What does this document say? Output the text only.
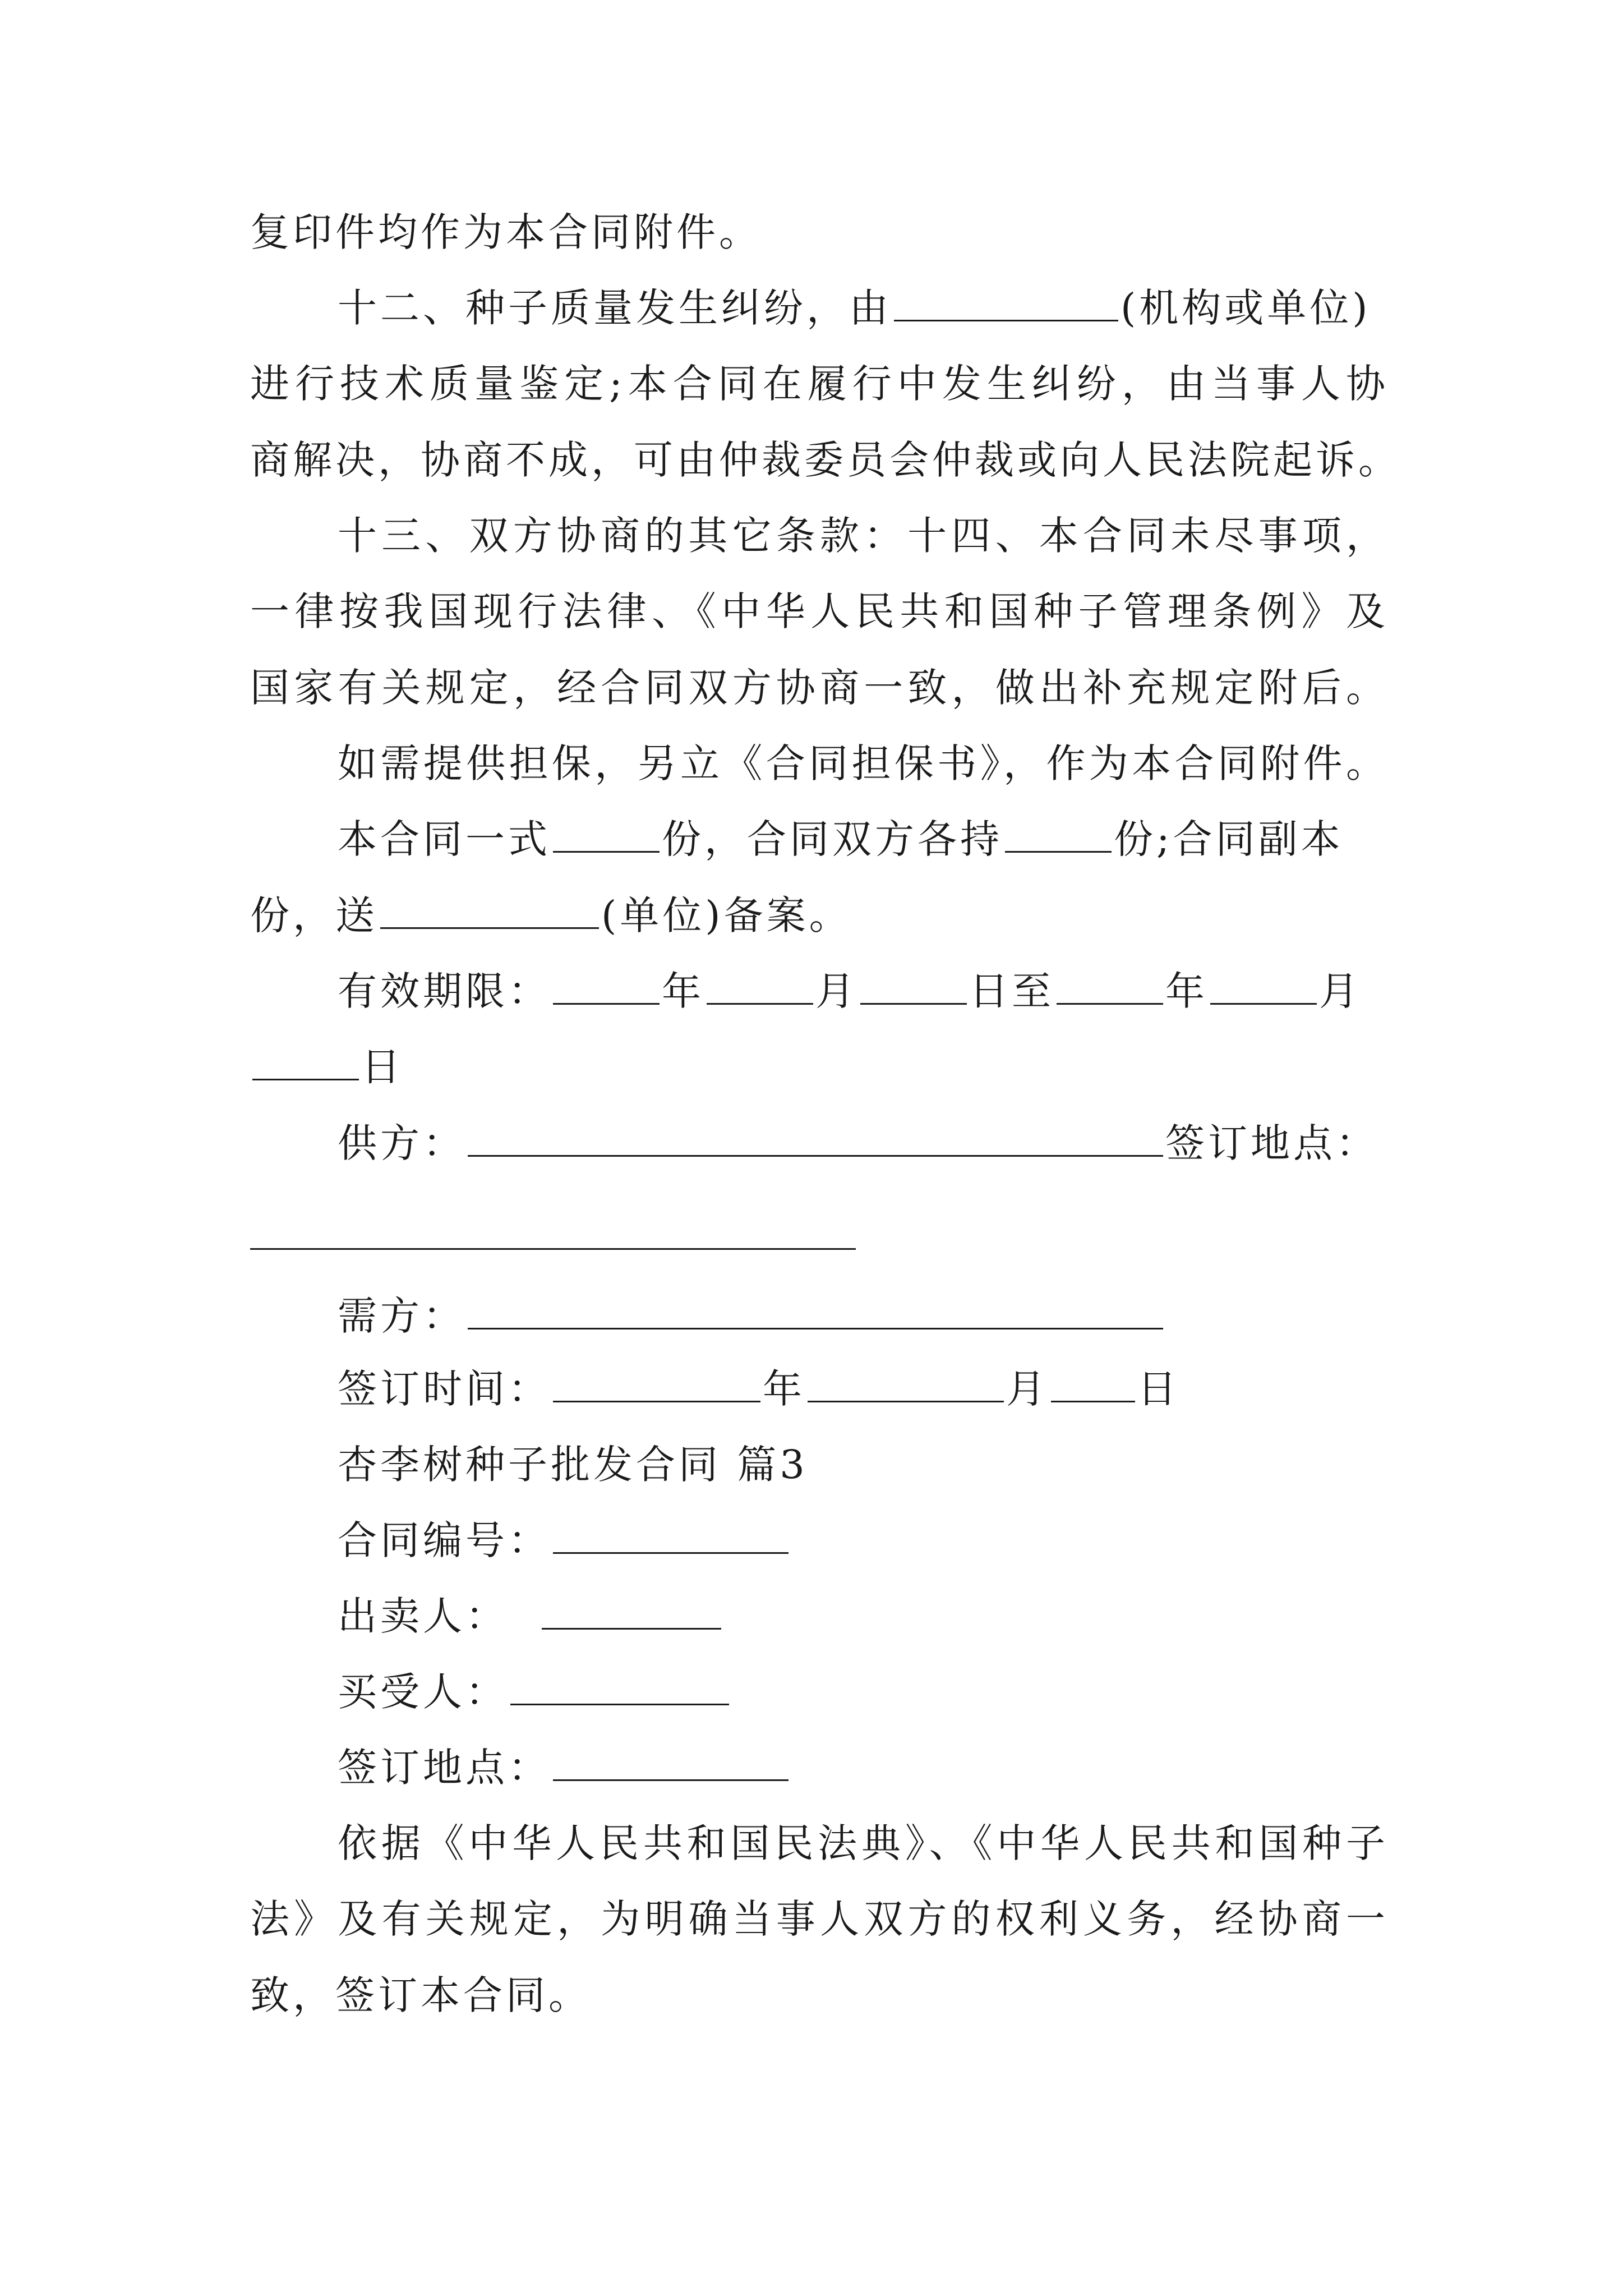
复印件均作为本合同附件。
十二、种子质量发生纠纷，由	(机构或单位)
进行技术质量鉴定;本合同在履行中发生纠纷，由当事人协
商解决，协商不成，可由仲裁委员会仲裁或向人民法院起诉。
十三、双方协商的其它条款：十四、本合同未尽事项，
一律按我国现行法律、《中华人民共和国种子管理条例》及
国家有关规定，经合同双方协商一致，做出补充规定附后。
如需提供担保，另立《合同担保书》，作为本合同附件。
本合同一式	份，合同双方各持	份;合同副本
份，送	(单位)备案。
有效期限：	年	月	日至	年	月
日
供方：	签订地点：
需方：
签订时间：	年	月 日
杏李树种子批发合同 篇3
合同编号：
出卖人：
买受人：
签订地点：
依据《中华人民共和国民法典》、《中华人民共和国种子
法》及有关规定，为明确当事人双方的权利义务，经协商一
致，签订本合同。
